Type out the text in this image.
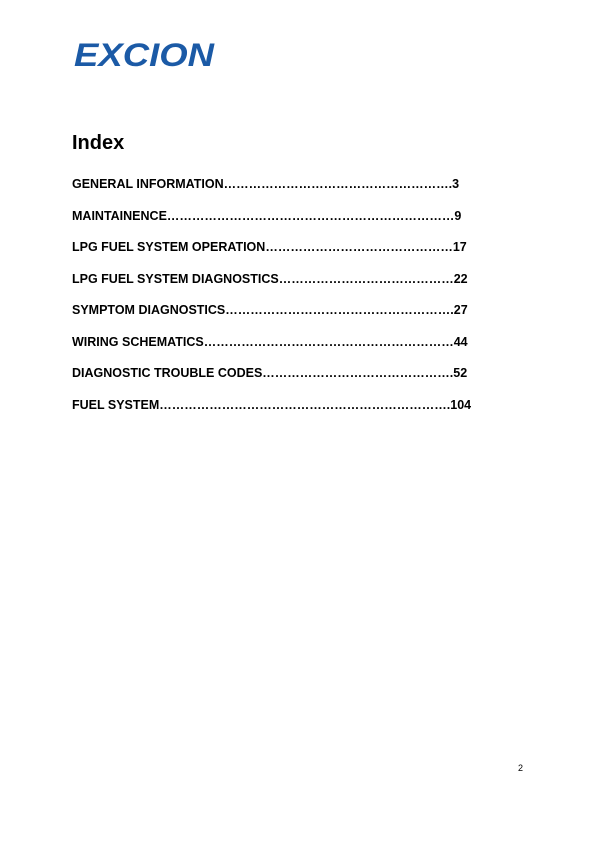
EXCION
Index
GENERAL INFORMATION……………………………………………….3
MAINTAINENCE……………………………………………………………9
LPG FUEL SYSTEM OPERATION………………………………………17
LPG FUEL SYSTEM DIAGNOSTICS……………………………………22
SYMPTOM DIAGNOSTICS……………………………………………….27
WIRING SCHEMATICS……………………………………………………44
DIAGNOSTIC TROUBLE CODES……………………………………….52
FUEL SYSTEM…………………………………………………………….104
2
